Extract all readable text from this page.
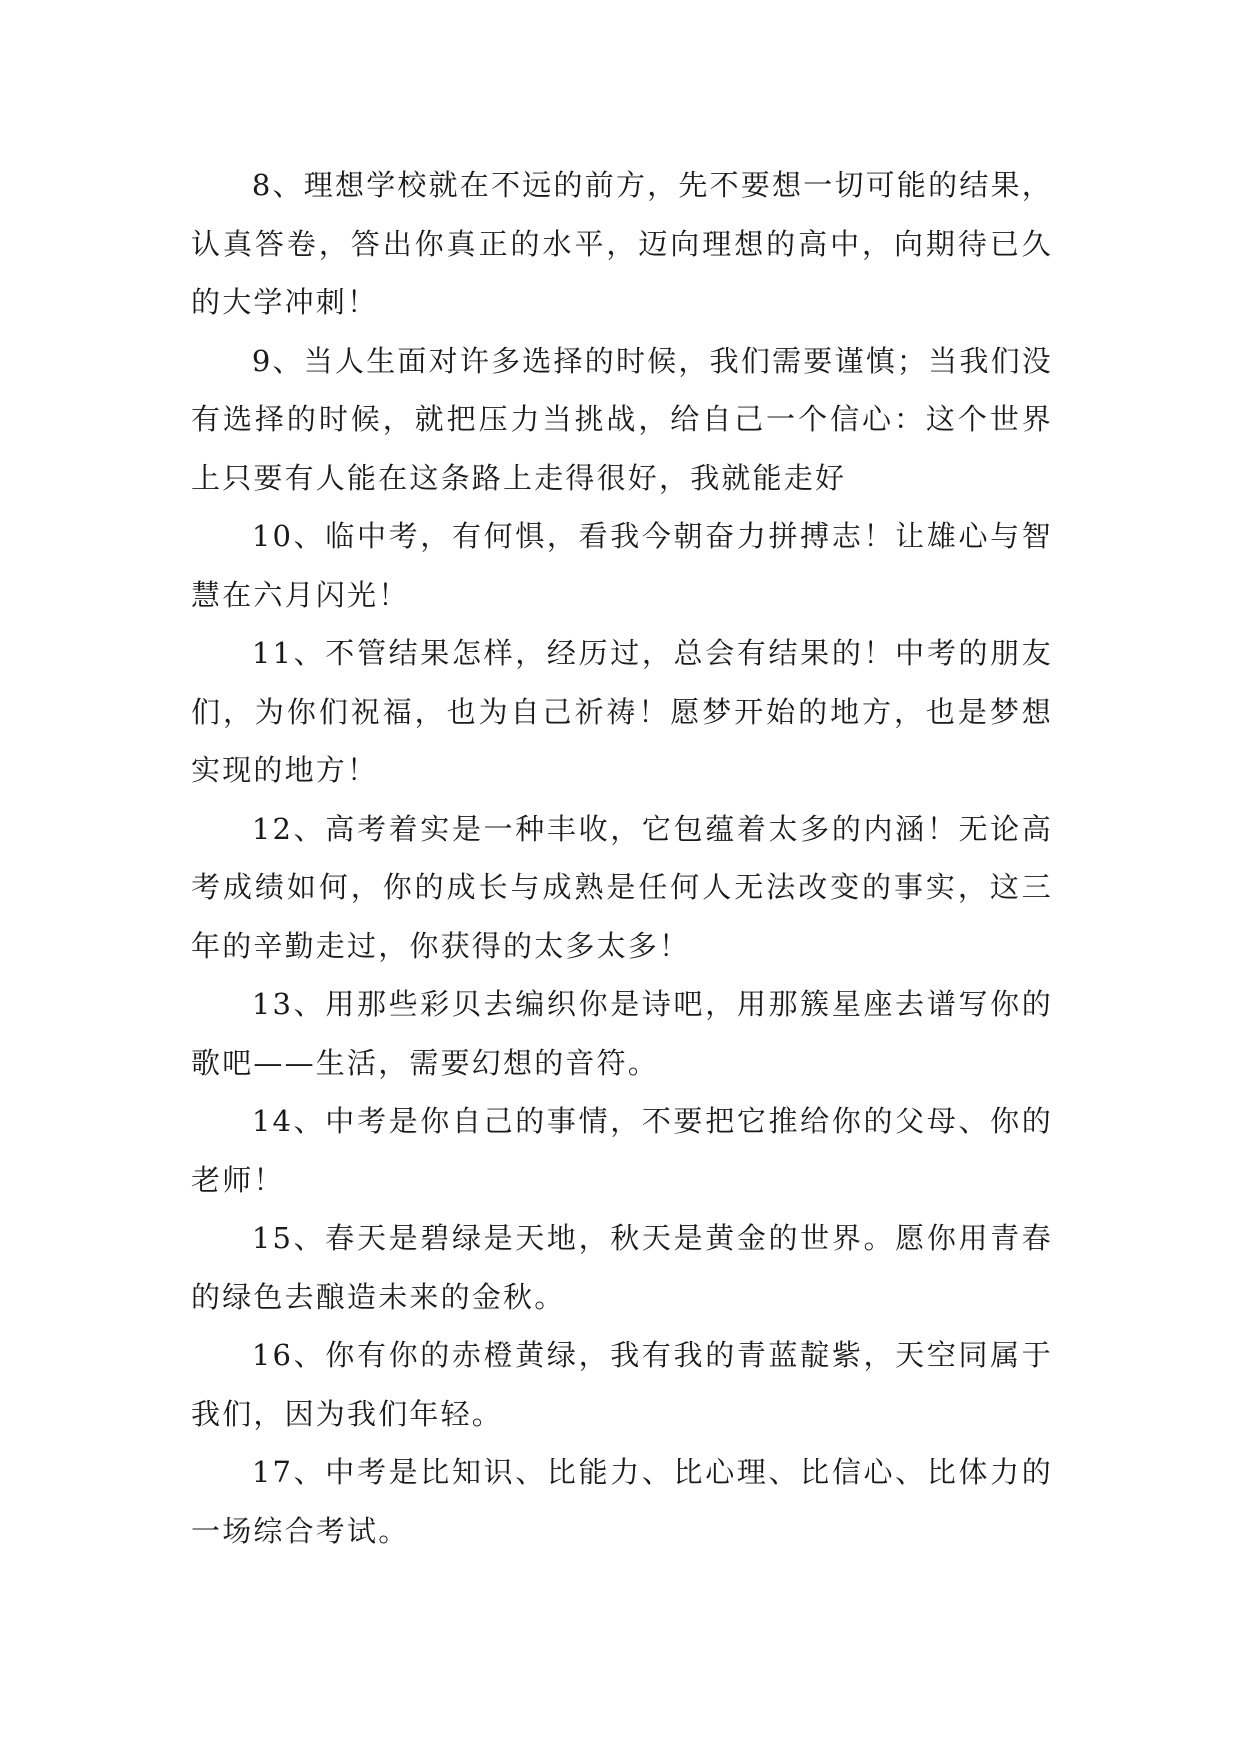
8、理想学校就在不远的前方，先不要想一切可能的结果，认真答卷，答出你真正的水平，迈向理想的高中，向期待已久的大学冲刺！

9、当人生面对许多选择的时候，我们需要谨慎；当我们没有选择的时候，就把压力当挑战，给自己一个信心：这个世界上只要有人能在这条路上走得很好，我就能走好

10、临中考，有何惧，看我今朝奋力拼搏志！让雄心与智慧在六月闪光！

11、不管结果怎样，经历过，总会有结果的！中考的朋友们，为你们祝福，也为自己祈祷！愿梦开始的地方，也是梦想实现的地方！

12、高考着实是一种丰收，它包蕴着太多的内涵！无论高考成绩如何，你的成长与成熟是任何人无法改变的事实，这三年的辛勤走过，你获得的太多太多！

13、用那些彩贝去编织你是诗吧，用那簇星座去谱写你的歌吧——生活，需要幻想的音符。

14、中考是你自己的事情，不要把它推给你的父母、你的老师！

15、春天是碧绿是天地，秋天是黄金的世界。愿你用青春的绿色去酿造未来的金秋。

16、你有你的赤橙黄绿，我有我的青蓝靛紫，天空同属于我们，因为我们年轻。

17、中考是比知识、比能力、比心理、比信心、比体力的一场综合考试。
